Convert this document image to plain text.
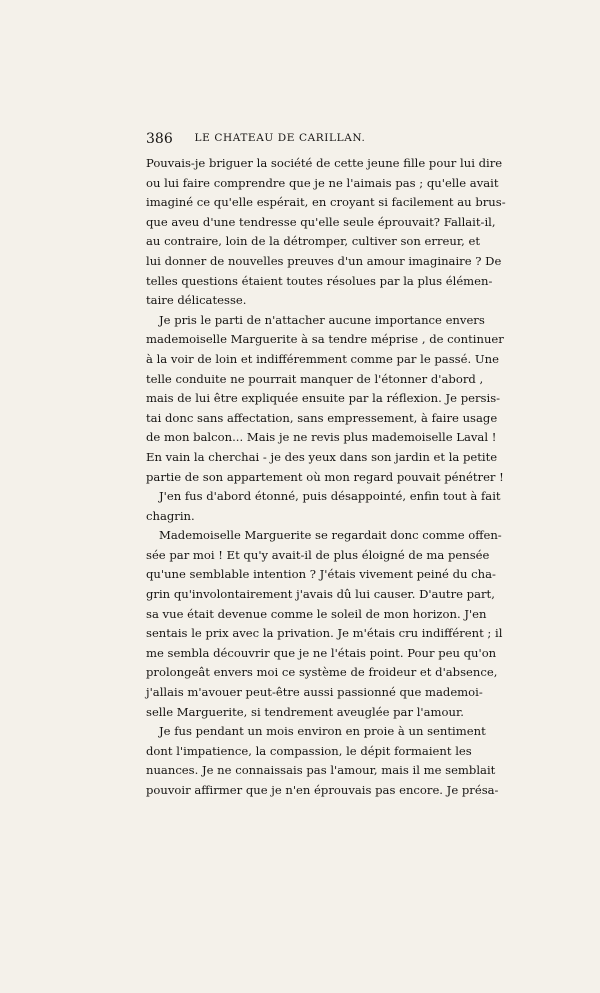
386	LE CHATEAU DE CARILLAN.
Pouvais-je briguer la société de cette jeune fille pour lui dire
ou lui faire comprendre que je ne l'aimais pas ; qu'elle avait
imaginé ce qu'elle espérait, en croyant si facilement au brus-
que aveu d'une tendresse qu'elle seule éprouvait? Fallait-il,
au contraire, loin de la détromper, cultiver son erreur, et
lui donner de nouvelles preuves d'un amour imaginaire ? De
telles questions étaient toutes résolues par la plus élémen-
taire délicatesse.
Je pris le parti de n'attacher aucune importance envers
mademoiselle Marguerite à sa tendre méprise , de continuer
à la voir de loin et indifféremment comme par le passé. Une
telle conduite ne pourrait manquer de l'étonner d'abord ,
mais de lui être expliquée ensuite par la réflexion. Je persis-
tai donc sans affectation, sans empressement, à faire usage
de mon balcon... Mais je ne revis plus mademoiselle Laval !
En vain la cherchai - je des yeux dans son jardin et la petite
partie de son appartement où mon regard pouvait pénétrer !
J'en fus d'abord étonné, puis désappointé, enfin tout à fait
chagrin.
Mademoiselle Marguerite se regardait donc comme offen-
sée par moi ! Et qu'y avait-il de plus éloigné de ma pensée
qu'une semblable intention ? J'étais vivement peiné du cha-
grin qu'involontairement j'avais dû lui causer. D'autre part,
sa vue était devenue comme le soleil de mon horizon. J'en
sentais le prix avec la privation. Je m'étais cru indifférent ; il
me sembla découvrir que je ne l'étais point. Pour peu qu'on
prolongeât envers moi ce système de froideur et d'absence,
j'allais m'avouer peut-être aussi passionné que mademoi-
selle Marguerite, si tendrement aveuglée par l'amour.
Je fus pendant un mois environ en proie à un sentiment
dont l'impatience, la compassion, le dépit formaient les
nuances. Je ne connaissais pas l'amour, mais il me semblait
pouvoir affirmer que je n'en éprouvais pas encore. Je présa-
